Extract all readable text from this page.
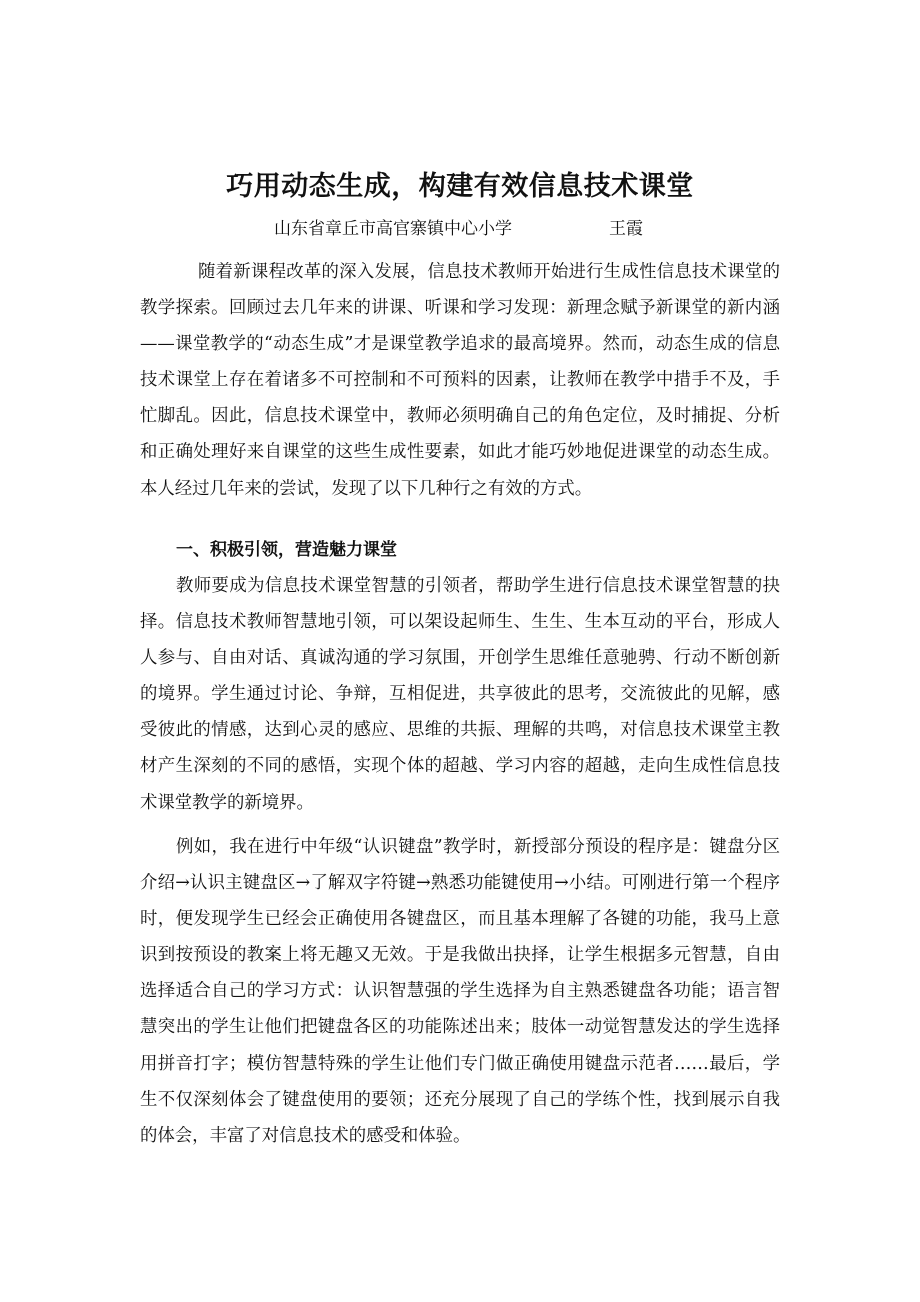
巧用动态生成，构建有效信息技术课堂
山东省章丘市高官寨镇中心小学	王霞

随着新课程改革的深入发展，信息技术教师开始进行生成性信息技术课堂的教学探索。回顾过去几年来的讲课、听课和学习发现：新理念赋予新课堂的新内涵——课堂教学的“动态生成”才是课堂教学追求的最高境界。然而，动态生成的信息技术课堂上存在着诸多不可控制和不可预料的因素，让教师在教学中措手不及，手忙脚乱。因此，信息技术课堂中，教师必须明确自己的角色定位，及时捕捉、分析和正确处理好来自课堂的这些生成性要素，如此才能巧妙地促进课堂的动态生成。本人经过几年来的尝试，发现了以下几种行之有效的方式。

一、积极引领，营造魅力课堂

教师要成为信息技术课堂智慧的引领者，帮助学生进行信息技术课堂智慧的抉择。信息技术教师智慧地引领，可以架设起师生、生生、生本互动的平台，形成人人参与、自由对话、真诚沟通的学习氛围，开创学生思维任意驰骋、行动不断创新的境界。学生通过讨论、争辩，互相促进，共享彼此的思考，交流彼此的见解，感受彼此的情感，达到心灵的感应、思维的共振、理解的共鸣，对信息技术课堂主教材产生深刻的不同的感悟，实现个体的超越、学习内容的超越，走向生成性信息技术课堂教学的新境界。

例如，我在进行中年级“认识键盘”教学时，新授部分预设的程序是：键盘分区介绍→认识主键盘区→了解双字符键→熟悉功能键使用→小结。可刚进行第一个程序时，便发现学生已经会正确使用各键盘区，而且基本理解了各键的功能，我马上意识到按预设的教案上将无趣又无效。于是我做出抉择，让学生根据多元智慧，自由选择适合自己的学习方式：认识智慧强的学生选择为自主熟悉键盘各功能；语言智慧突出的学生让他们把键盘各区的功能陈述出来；肢体一动觉智慧发达的学生选择用拼音打字；模仿智慧特殊的学生让他们专门做正确使用键盘示范者……最后，学生不仅深刻体会了键盘使用的要领；还充分展现了自己的学练个性，找到展示自我的体会，丰富了对信息技术的感受和体验。
